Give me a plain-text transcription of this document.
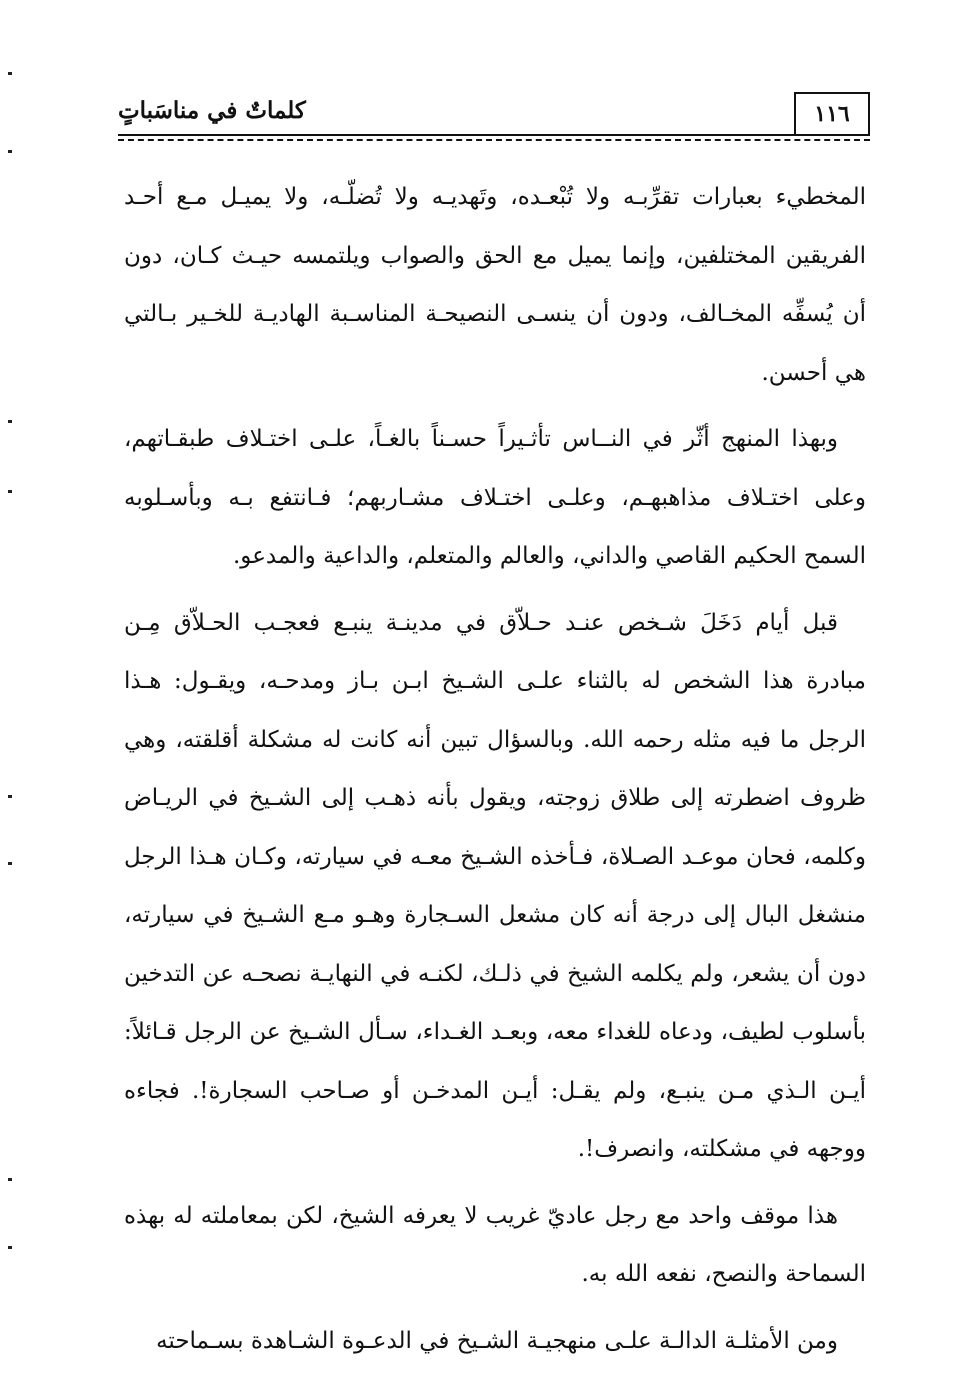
١١٦
كلماتٌ في مناسَباتٍ

المخطيء بعبارات تقرِّبـه ولا تُبْعـده، وتَهديـه ولا تُضلّـه، ولا يميـل مـع أحـد الفريقين المختلفين، وإنما يميل مع الحق والصواب ويلتمسه حيـث كـان، دون أن يُسفِّه المخـالف، ودون أن ينسـى النصيحـة المناسـبة الهاديـة للخـير بـالتي هي أحسن.

وبهذا المنهج أثّر في النــاس تأثـيراً حسـناً بالغـاً، علـى اختـلاف طبقـاتهم، وعلى اختـلاف مذاهبهـم، وعلـى اختـلاف مشـاربهم؛ فـانتفع بـه وبأسـلوبه السمح الحكيم القاصي والداني، والعالم والمتعلم، والداعية والمدعو.

قبل أيام دَخَلَ شـخص عنـد حـلاّق في مدينـة ينبـع فعجـب الحـلاّق مِـن مبادرة هذا الشخص له بالثناء علـى الشـيخ ابـن بـاز ومدحـه، ويقـول: هـذا الرجل ما فيه مثله رحمه الله. وبالسؤال تبين أنه كانت له مشكلة أقلقته، وهي ظروف اضطرته إلى طلاق زوجته، ويقول بأنه ذهـب إلى الشـيخ في الريـاض وكلمه، فحان موعـد الصـلاة، فـأخذه الشـيخ معـه في سيارته، وكـان هـذا الرجل منشغل البال إلى درجة أنه كان مشعل السـجارة وهـو مـع الشـيخ في سيارته، دون أن يشعر، ولم يكلمه الشيخ في ذلـك، لكنـه في النهايـة نصحـه عن التدخين بأسلوب لطيف، ودعاه للغداء معه، وبعـد الغـداء، سـأل الشـيخ عن الرجل قـائلاً: أيـن الـذي مـن ينبـع، ولم يقـل: أيـن المدخـن أو صـاحب السجارة!. فجاءه ووجهه في مشكلته، وانصرف!.

هذا موقف واحد مع رجل عاديّ غريب لا يعرفه الشيخ، لكن بمعاملته له بهذه السماحة والنصح، نفعه الله به.

ومن الأمثلـة الدالـة علـى منهجيـة الشـيخ في الدعـوة الشـاهدة بسـماحته
